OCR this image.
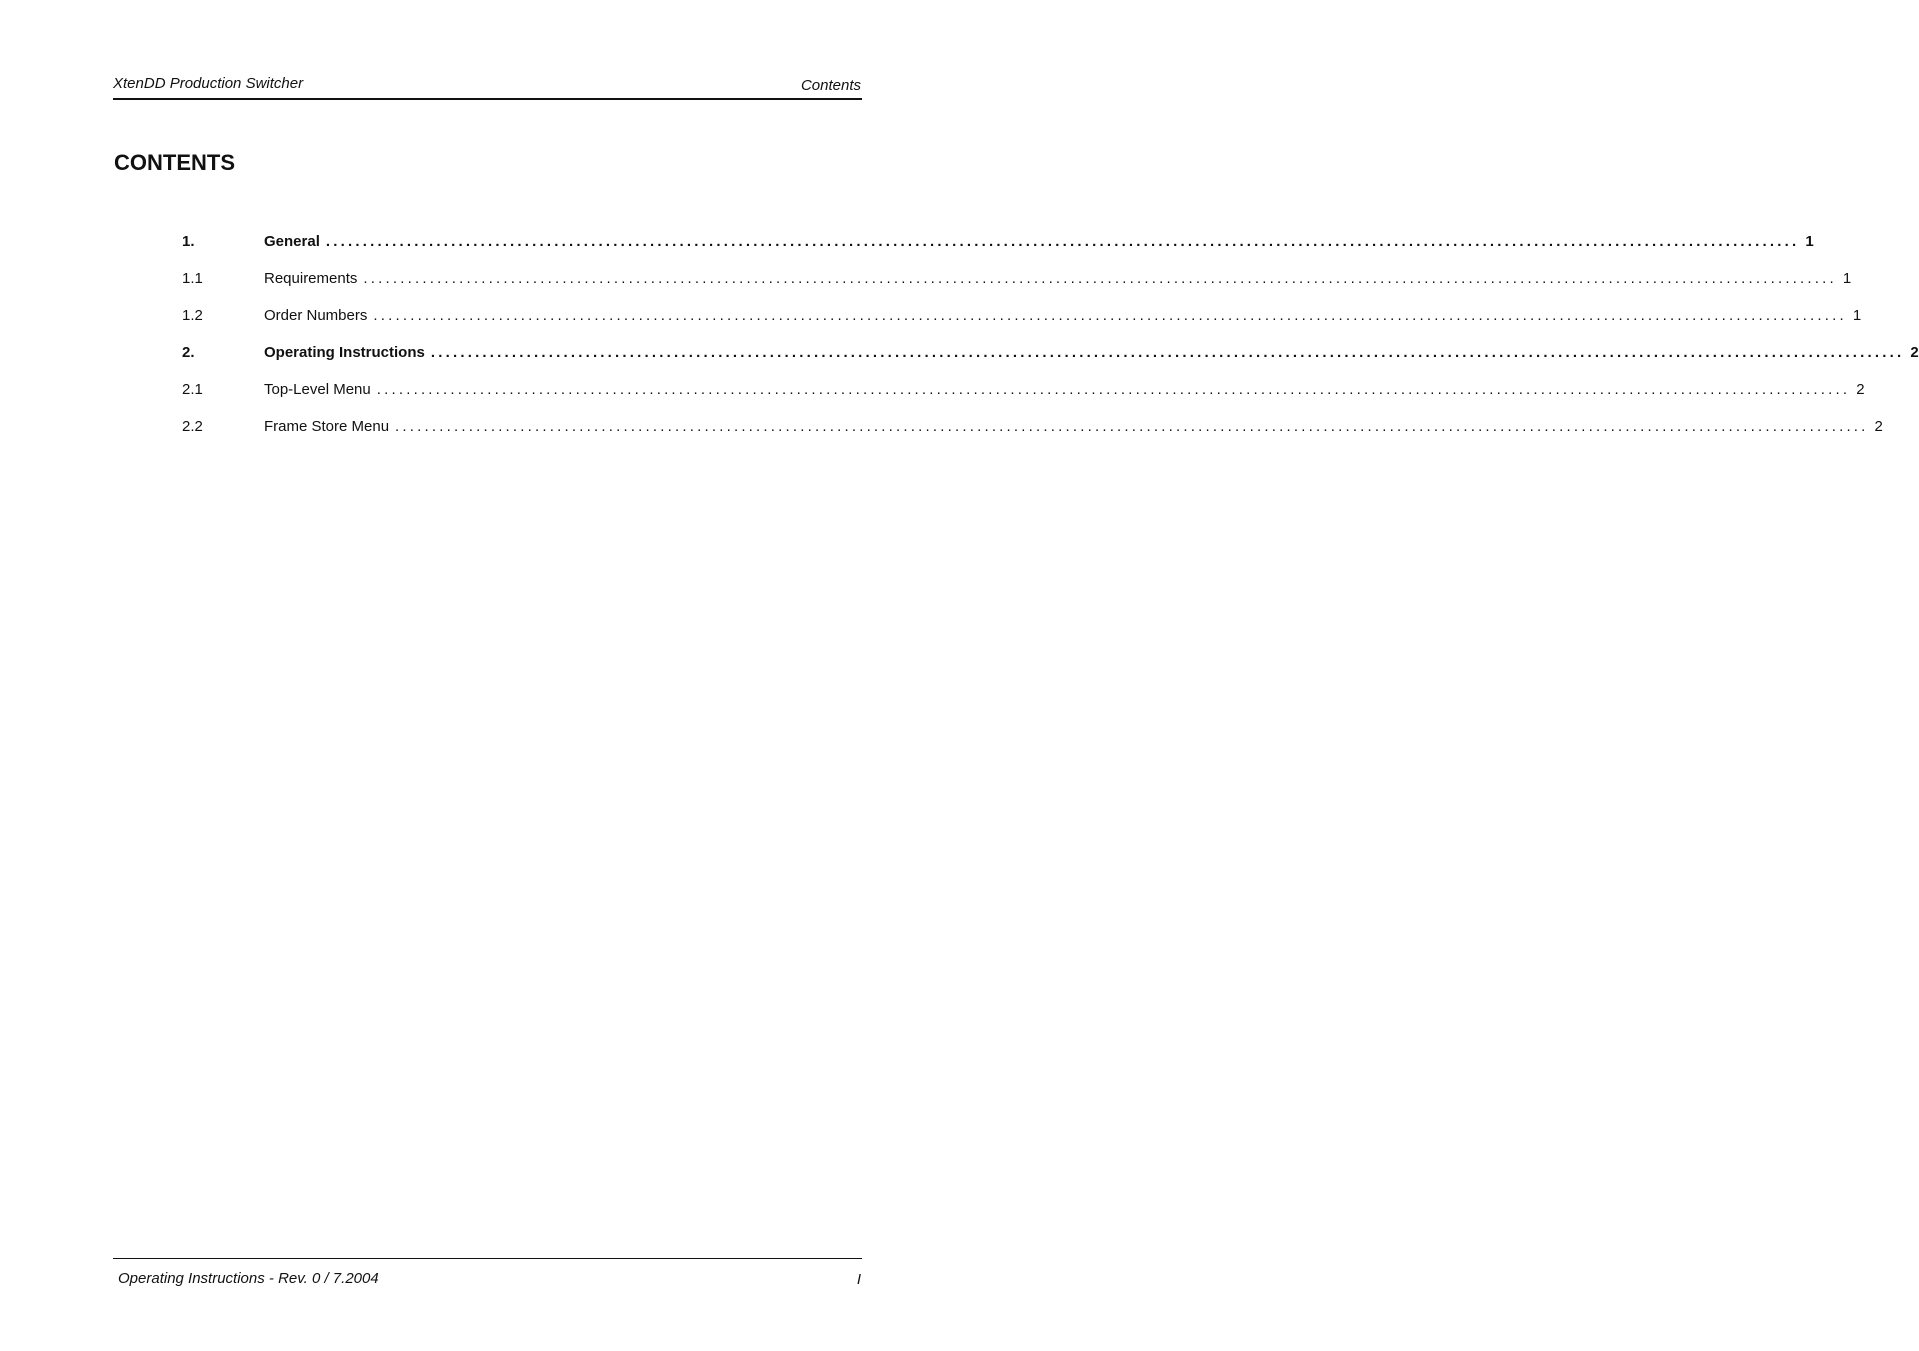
XtenDD Production Switcher	Contents
CONTENTS
1.	General ........................................................................................................................................................................................................ 1
1.1	Requirements ........................................................................................................................................................................................................ 1
1.2	Order Numbers ........................................................................................................................................................................................................ 1
2.	Operating Instructions ........................................................................................................................................................................................................ 2
2.1	Top‑Level Menu ........................................................................................................................................................................................................ 2
2.2	Frame Store Menu ........................................................................................................................................................................................................ 2
Operating Instructions ‑ Rev. 0 / 7.2004	I
